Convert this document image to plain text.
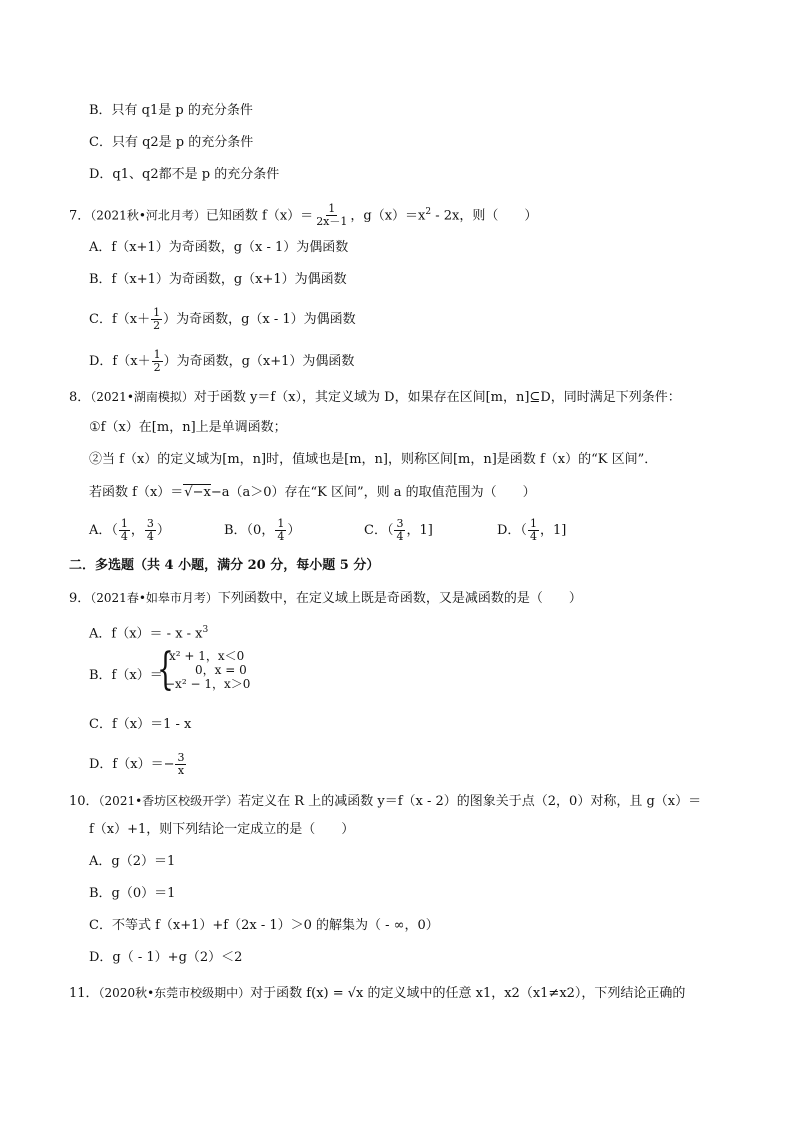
B．只有 q1是 p 的充分条件
C．只有 q2是 p 的充分条件
D．q1、q2都不是 p 的充分条件
7．（2021秋•河北月考）已知函数 $f(x)= \frac{1}{2x-1}$ ，$g(x)=x^2 - 2x$，则（　　）
A．f（x+1）为奇函数，g（x - 1）为偶函数
B．f（x+1）为奇函数，g（x+1）为偶函数
C．$f(x+ \frac{1}{2}$ ）为奇函数，g（x - 1）为偶函数
D．$f(x+ \frac{1}{2}$ ）为奇函数，g（x+1）为偶函数
8．（2021•湖南模拟）对于函数 y＝f（x），其定义域为 D，如果存在区间[m，n]⊆D，同时满足下列条件：
①f（x）在[m，n]上是单调函数；
②当 f（x）的定义域为[m，n]时，值域也是[m，n]，则称区间[m，n]是函数 f（x）的“K 区间”．
若函数 f（x）＝√−x−a（a＞0）存在“K 区间”，则 a 的取值范围为（　　）
A．（ $\frac{1}{4}$ ， $\frac{3}{4}$ ）	B．（0， $\frac{1}{4}$ ）	C．（ $\frac{3}{4}$ ，1]	D．（ $\frac{1}{4}$ ，1]
二．多选题（共 4 小题，满分 20 分，每小题 5 分）
9．（2021春•如皋市月考）下列函数中，在定义域上既是奇函数，又是减函数的是（　　）
A．$f(x)= - x - x^3$
B．f（x）＝
{
x² + 1，x＜0
0，x = 0
−x² − 1，x＞0
C．f（x）＝1 - x
D．$f(x)=- \frac{3}{x}$
10．（2021•香坊区校级开学）若定义在 R 上的减函数 y＝f（x - 2）的图象关于点（2，0）对称，且 g（x）＝
f（x）+1，则下列结论一定成立的是（　　）
A．g（2）＝1
B．g（0）＝1
C．不等式 f（x+1）+f（2x - 1）＞0 的解集为（ - ∞，0）
D．g（ - 1）+g（2）＜2
11．（2020秋•东莞市校级期中）对于函数 f(x) = √x 的定义域中的任意 x1，x2（x1≠x2），下列结论正确的
